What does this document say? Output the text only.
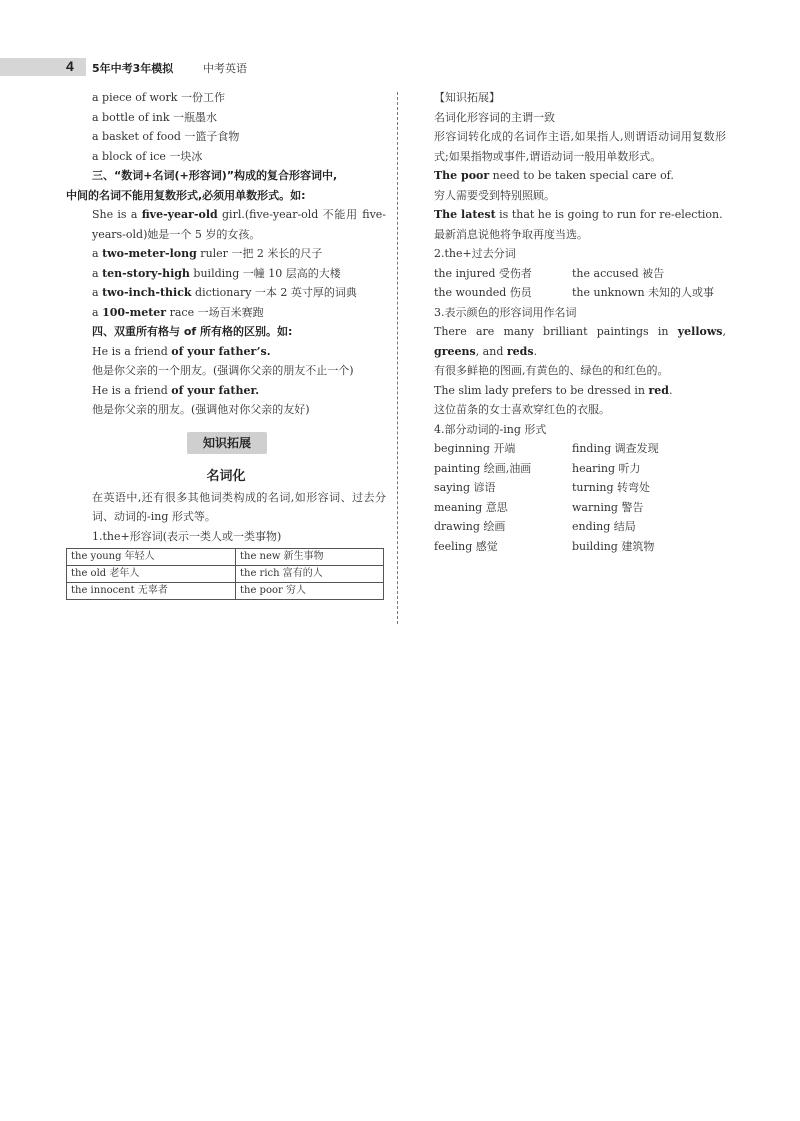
4 5年中考3年模拟	中考英语
a piece of work 一份工作
a bottle of ink 一瓶墨水
a basket of food 一篮子食物
a block of ice 一块冰
三、“数词+名词(+形容词)”构成的复合形容词中,
中间的名词不能用复数形式,必须用单数形式。如:
She is a five-year-old girl.(five-year-old 不能用 five-years-old)她是一个 5 岁的女孩。
a two-meter-long ruler 一把 2 米长的尺子
a ten-story-high building 一幢 10 层高的大楼
a two-inch-thick dictionary 一本 2 英寸厚的词典
a 100-meter race 一场百米赛跑
四、双重所有格与 of 所有格的区别。如:
He is a friend of your father’s.
他是你父亲的一个朋友。(强调你父亲的朋友不止一个)
He is a friend of your father.
他是你父亲的朋友。(强调他对你父亲的友好)
知识拓展
名词化
在英语中,还有很多其他词类构成的名词,如形容词、过去分词、动词的-ing 形式等。
1.the+形容词(表示一类人或一类事物)
the young 年轻人	the new 新生事物
the old 老年人	the rich 富有的人
the innocent 无辜者	the poor 穷人
【知识拓展】
名词化形容词的主谓一致
形容词转化成的名词作主语,如果指人,则谓语动词用复数形式;如果指物或事件,谓语动词一般用单数形式。
The poor need to be taken special care of.
穷人需要受到特别照顾。
The latest is that he is going to run for re-election.
最新消息说他将争取再度当选。
2.the+过去分词
the injured 受伤者	the accused 被告
the wounded 伤员	the unknown 未知的人或事
3.表示颜色的形容词用作名词
There are many brilliant paintings in yellows, greens, and reds.
有很多鲜艳的图画,有黄色的、绿色的和红色的。
The slim lady prefers to be dressed in red.
这位苗条的女士喜欢穿红色的衣服。
4.部分动词的-ing 形式
beginning 开端	finding 调查发现
painting 绘画,油画	hearing 听力
saying 谚语	turning 转弯处
meaning 意思	warning 警告
drawing 绘画	ending 结局
feeling 感觉	building 建筑物
